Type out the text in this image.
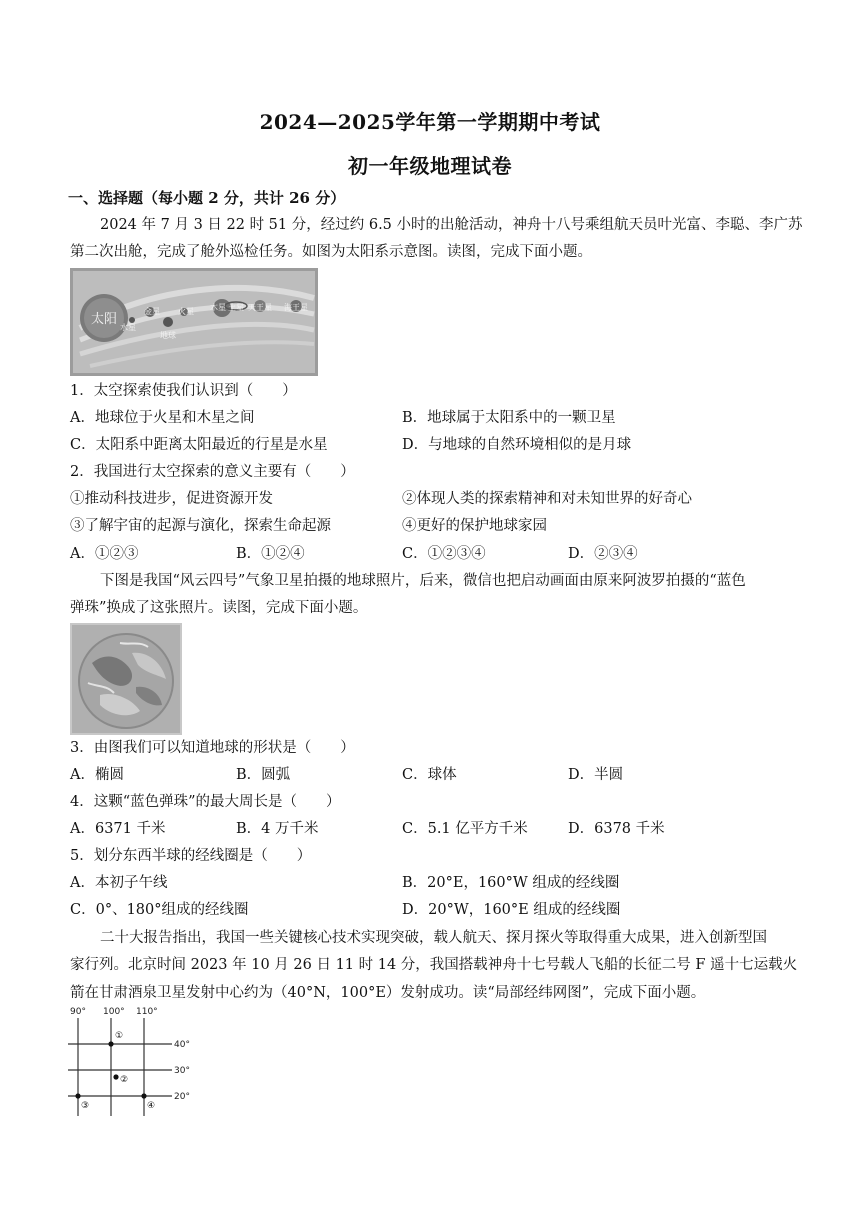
2024—2025学年第一学期期中考试
初一年级地理试卷
一、选择题（每小题 2 分，共计 26 分）
2024 年 7 月 3 日 22 时 51 分，经过约 6.5 小时的出舱活动，神舟十八号乘组航天员叶光富、李聪、李广苏
第二次出舱，完成了舱外巡检任务。如图为太阳系示意图。读图，完成下面小题。
太阳
水星
金星
地球
火星 木星 土星 天王星 海王星
1．太空探索使我们认识到（　　）
A．地球位于火星和木星之间	B．地球属于太阳系中的一颗卫星
C．太阳系中距离太阳最近的行星是水星	D．与地球的自然环境相似的是月球
2．我国进行太空探索的意义主要有（　　）
①推动科技进步，促进资源开发	②体现人类的探索精神和对未知世界的好奇心
③了解宇宙的起源与演化，探索生命起源	④更好的保护地球家园
A．①②③	B．①②④	C．①②③④	D．②③④
下图是我国“风云四号”气象卫星拍摄的地球照片，后来，微信也把启动画面由原来阿波罗拍摄的“蓝色
弹珠”换成了这张照片。读图，完成下面小题。
3．由图我们可以知道地球的形状是（　　）
A．椭圆	B．圆弧	C．球体	D．半圆
4．这颗“蓝色弹珠”的最大周长是（　　）
A．6371 千米	B．4 万千米	C．5.1 亿平方千米	D．6378 千米
5．划分东西半球的经线圈是（　　）
A．本初子午线	B．20°E，160°W 组成的经线圈
C．0°、180°组成的经线圈	D．20°W，160°E 组成的经线圈
二十大报告指出，我国一些关键核心技术实现突破，载人航天、探月探火等取得重大成果，进入创新型国
家行列。北京时间 2023 年 10 月 26 日 11 时 14 分，我国搭载神舟十七号载人飞船的长征二号 F 遥十七运载火
箭在甘肃酒泉卫星发射中心约为（40°N，100°E）发射成功。读“局部经纬网图”，完成下面小题。
90° 100° 110°
40°
30°
20°
①
②
③	④
